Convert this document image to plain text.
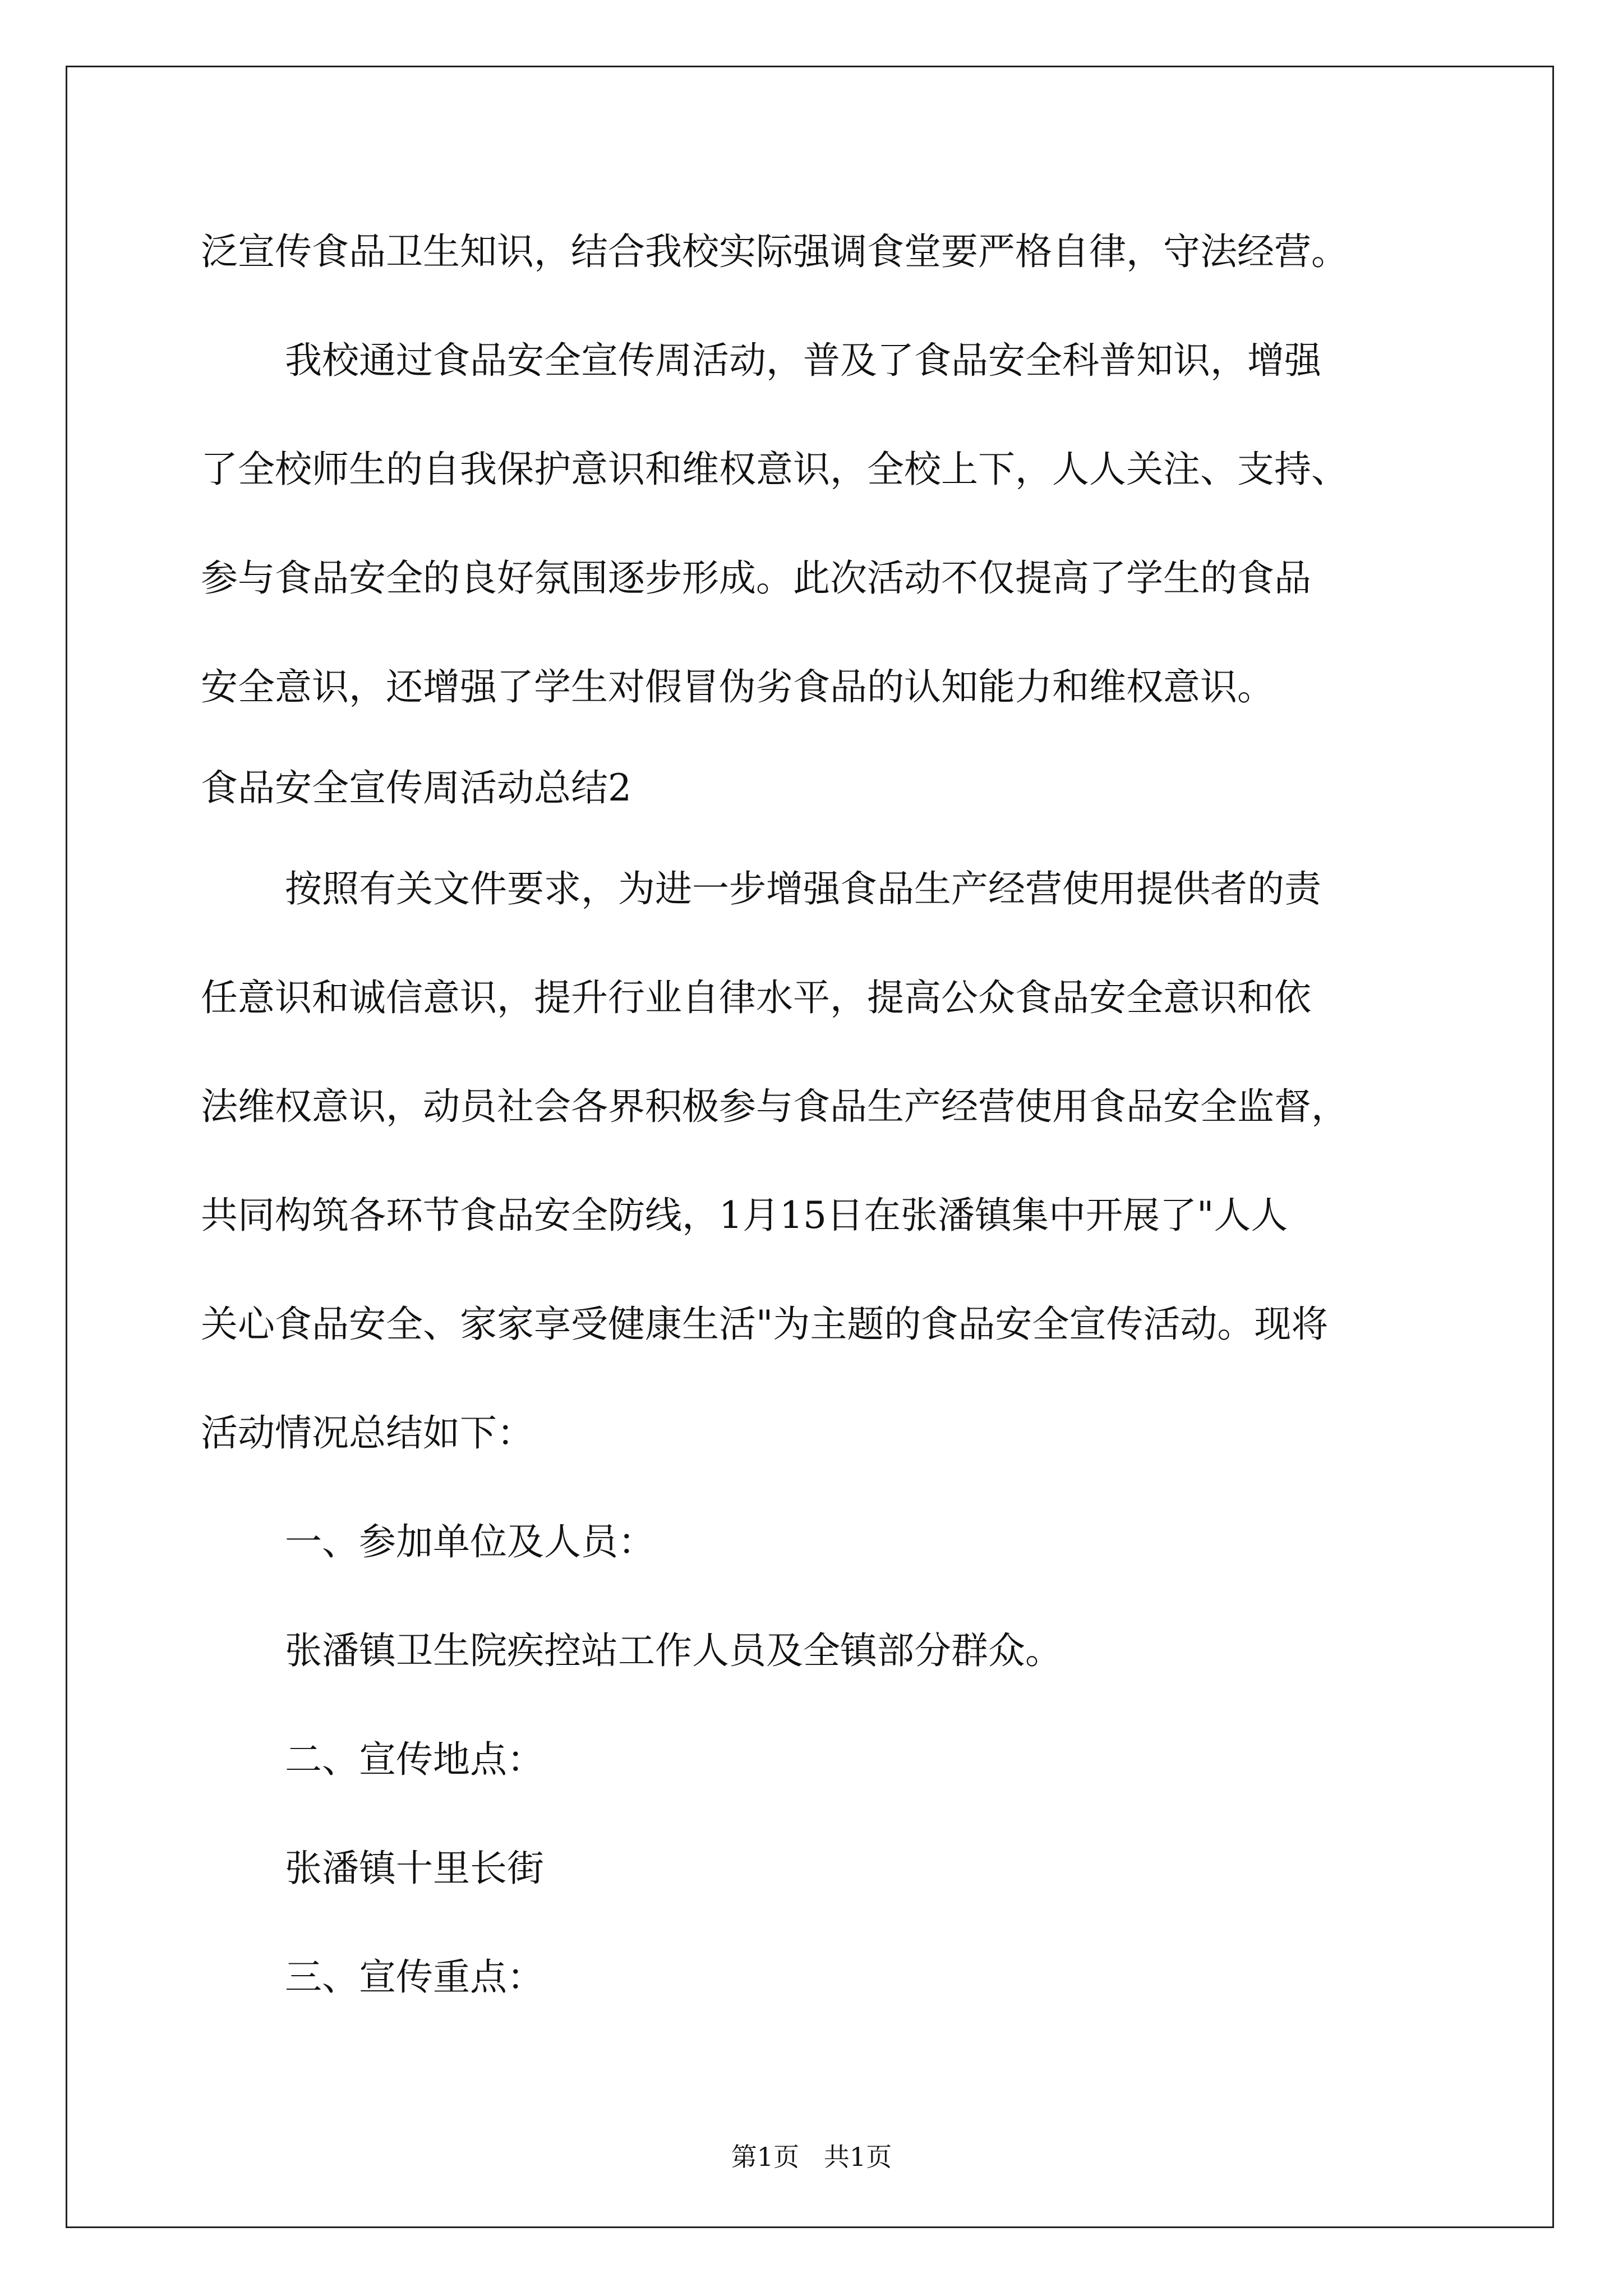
泛宣传食品卫生知识，结合我校实际强调食堂要严格自律，守法经营。
我校通过食品安全宣传周活动，普及了食品安全科普知识，增强
了全校师生的自我保护意识和维权意识，全校上下，人人关注、支持、
参与食品安全的良好氛围逐步形成。此次活动不仅提高了学生的食品
安全意识，还增强了学生对假冒伪劣食品的认知能力和维权意识。
食品安全宣传周活动总结2
按照有关文件要求，为进一步增强食品生产经营使用提供者的责
任意识和诚信意识，提升行业自律水平，提高公众食品安全意识和依
法维权意识，动员社会各界积极参与食品生产经营使用食品安全监督，
共同构筑各环节食品安全防线，1月15日在张潘镇集中开展了"人人
关心食品安全、家家享受健康生活"为主题的食品安全宣传活动。现将
活动情况总结如下：
一、参加单位及人员：
张潘镇卫生院疾控站工作人员及全镇部分群众。
二、宣传地点：
张潘镇十里长街
三、宣传重点：
第1页   共1页
